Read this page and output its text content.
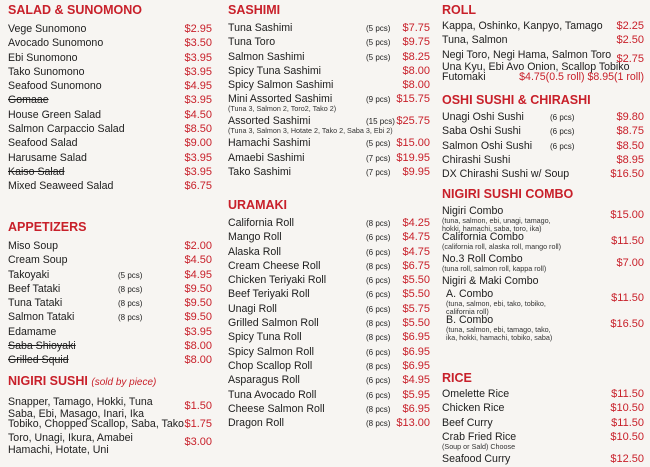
SALAD & SUNOMONO
Vege Sunomono	$2.95
Avocado Sunomono	$3.50
Ebi Sunomono	$3.95
Tako Sunomono	$3.95
Seafood Sunomono	$4.95
Gomaae	$3.95
House Green Salad	$4.50
Salmon Carpaccio Salad	$8.50
Seafood Salad	$9.00
Harusame Salad	$3.95
Kaiso Salad	$3.95
Mixed Seaweed Salad	$6.75
APPETIZERS
Miso Soup	$2.00
Cream Soup	$4.50
Takoyaki	(5 pcs)	$4.95
Beef Tataki	(8 pcs)	$9.50
Tuna Tataki	(8 pcs)	$9.50
Salmon Tataki	(8 pcs)	$9.50
Edamame	$3.95
Saba Shioyaki	$8.00
Grilled Squid	$8.00
NIGIRI SUSHI (sold by piece)
Snapper, Tamago, Hokki, Tuna
Saba, Ebi, Masago, Inari, Ika
$1.50
Tobiko, Chopped Scallop, Saba, Tako $1.75
Toro, Unagi, Ikura, Amabei
Hamachi, Hotate, Uni
$3.00
SASHIMI
Tuna Sashimi	(5 pcs) $7.75
Tuna Toro	(5 pcs) $9.75
Salmon Sashimi	(5 pcs) $8.25
Spicy Tuna Sashimi	$8.00
Spicy Salmon Sashimi	$8.00
Mini Assorted Sashimi	(9 pcs)
(Tuna 3, Salmon 2, Toro2, Tako 2)
$15.75
Assorted Sashimi	(15 pcs)
(Tuna 3, Salmon 3, Hotate 2, Tako 2, Saba 3, Ebi 2)
$25.75
Hamachi Sashimi	(5 pcs) $15.00
Amaebi Sashimi	(7 pcs) $19.95
Tako Sashimi	(7 pcs) $9.95
URAMAKI
California Roll	(8 pcs) $4.25
Mango Roll	(6 pcs) $4.75
Alaska Roll	(6 pcs) $4.75
Cream Cheese Roll	(8 pcs) $6.75
Chicken Teriyaki Roll	(6 pcs) $5.50
Beef Teriyaki Roll	(6 pcs) $5.50
Unagi Roll	(6 pcs) $5.75
Grilled Salmon Roll	(8 pcs) $5.50
Spicy Tuna Roll	(8 pcs) $6.95
Spicy Salmon Roll	(6 pcs) $6.95
Chop Scallop Roll	(8 pcs) $6.95
Asparagus Roll	(6 pcs) $4.95
Tuna Avocado Roll	(6 pcs) $5.95
Cheese Salmon Roll	(8 pcs) $6.95
Dragon Roll	(8 pcs) $13.00
ROLL
Kappa, Oshinko, Kanpyo, Tamago $2.25
Tuna, Salmon	$2.50
Negi Toro, Negi Hama, Salmon Toro
Una Kyu, Ebi Avo Onion, Scallop Tobiko
$2.75
Futomaki	$4.75(0.5 roll) $8.95(1 roll)
OSHI SUSHI & CHIRASHI
Unagi Oshi Sushi	(6 pcs)	$9.80
Saba Oshi Sushi	(6 pcs)	$8.75
Salmon Oshi Sushi (6 pcs)	$8.50
Chirashi Sushi	$8.95
DX Chirashi Sushi w/ Soup	$16.50
NIGIRI SUSHI COMBO
Nigiri Combo
(tuna, salmon, ebi, unagi, tamago,
hokki, hamachi, saba, toro, ika)
$15.00
California Combo
(california roll, alaska roll, mango roll)	$11.50
No.3 Roll Combo
(tuna roll, salmon roll, kappa roll)	$7.00
Nigiri & Maki Combo
A. Combo
(tuna, salmon, ebi, tako, tobiko,
california roll)
$11.50
B. Combo
(tuna, salmon, ebi, tamago, tako,
ika, hokki, hamachi, tobiko, saba)
$16.50
RICE
Omelette Rice	$11.50
Chicken Rice	$10.50
Beef Curry	$11.50
Crab Fried Rice
(Soup or Sald) Choose
$10.50
Seafood Curry	$12.50
